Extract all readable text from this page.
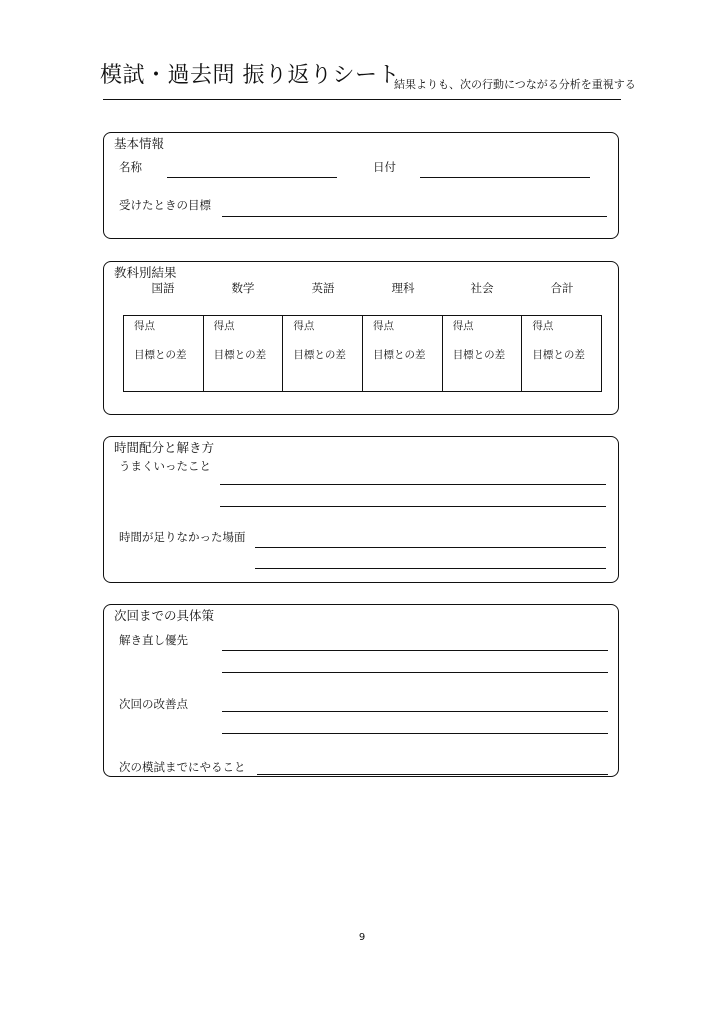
模試・過去問 振り返りシート
結果よりも、次の行動につながる分析を重視する
基本情報
名称	日付
受けたときの目標
教科別結果
国語	数学	英語	理科	社会	合計
得点
目標との差
得点
目標との差
得点
目標との差
得点
目標との差
得点
目標との差
得点
目標との差
時間配分と解き方
うまくいったこと
時間が足りなかった場面
次回までの具体策
解き直し優先
次回の改善点
次の模試までにやること
9
